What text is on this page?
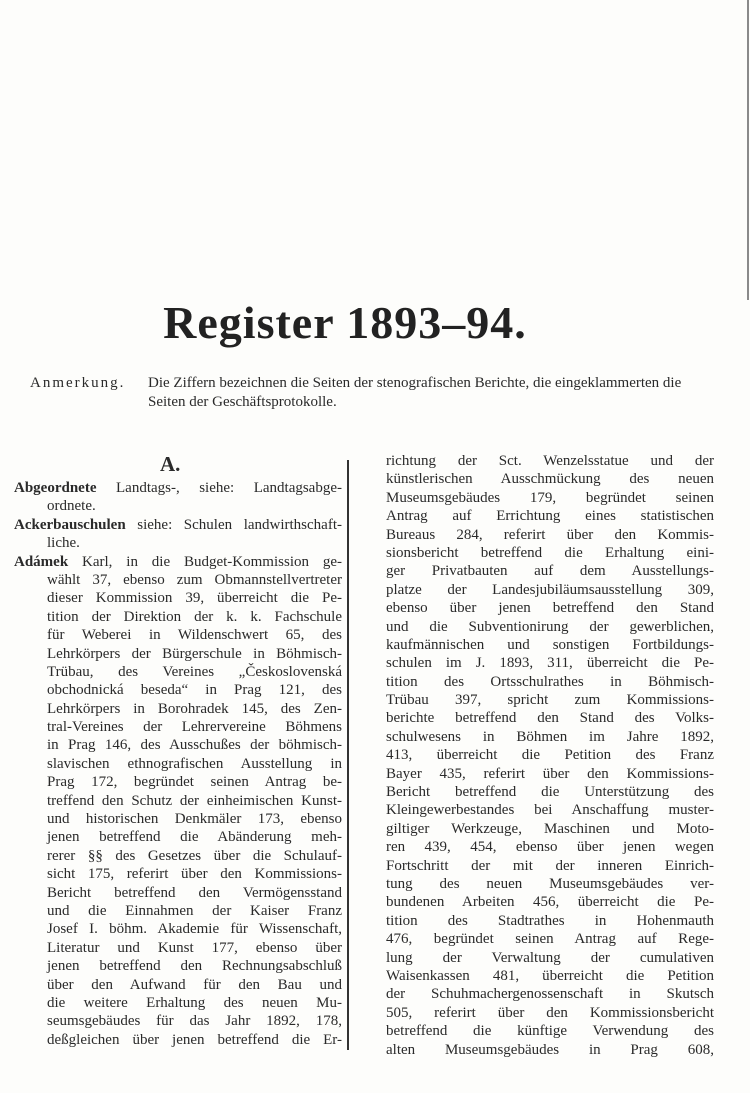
Register 1893–94.
Anmerkung. Die Ziffern bezeichnen die Seiten der stenografischen Berichte, die eingeklammerten die Seiten der Geschäftsprotokolle.
A.
Abgeordnete Landtags-, siehe: Landtagsabge-
ordnete.
Ackerbauschulen siehe: Schulen landwirthschaft-
liche.
Adámek Karl, in die Budget-Kommission ge-
wählt 37, ebenso zum Obmannstellvertreter
dieser Kommission 39, überreicht die Pe-
tition der Direktion der k. k. Fachschule
für Weberei in Wildenschwert 65, des
Lehrkörpers der Bürgerschule in Böhmisch-
Trübau, des Vereines „Československá
obchodnická beseda“ in Prag 121, des
Lehrkörpers in Borohradek 145, des Zen-
tral-Vereines der Lehrervereine Böhmens
in Prag 146, des Ausschußes der böhmisch-
slavischen ethnografischen Ausstellung in
Prag 172, begründet seinen Antrag be-
treffend den Schutz der einheimischen Kunst-
und historischen Denkmäler 173, ebenso
jenen betreffend die Abänderung meh-
rerer §§ des Gesetzes über die Schulauf-
sicht 175, referirt über den Kommissions-
Bericht betreffend den Vermögensstand
und die Einnahmen der Kaiser Franz
Josef I. böhm. Akademie für Wissenschaft,
Literatur und Kunst 177, ebenso über
jenen betreffend den Rechnungsabschluß
über den Aufwand für den Bau und
die weitere Erhaltung des neuen Mu-
seumsgebäudes für das Jahr 1892, 178,
deßgleichen über jenen betreffend die Er-
richtung der Sct. Wenzelsstatue und der
künstlerischen Ausschmückung des neuen
Museumsgebäudes 179, begründet seinen
Antrag auf Errichtung eines statistischen
Bureaus 284, referirt über den Kommis-
sionsbericht betreffend die Erhaltung eini-
ger Privatbauten auf dem Ausstellungs-
platze der Landesjubiläumsausstellung 309,
ebenso über jenen betreffend den Stand
und die Subventionirung der gewerblichen,
kaufmännischen und sonstigen Fortbildungs-
schulen im J. 1893, 311, überreicht die Pe-
tition des Ortsschulrathes in Böhmisch-
Trübau 397, spricht zum Kommissions-
berichte betreffend den Stand des Volks-
schulwesens in Böhmen im Jahre 1892,
413, überreicht die Petition des Franz
Bayer 435, referirt über den Kommissions-
Bericht betreffend die Unterstützung des
Kleingewerbestandes bei Anschaffung muster-
giltiger Werkzeuge, Maschinen und Moto-
ren 439, 454, ebenso über jenen wegen
Fortschritt der mit der inneren Einrich-
tung des neuen Museumsgebäudes ver-
bundenen Arbeiten 456, überreicht die Pe-
tition des Stadtrathes in Hohenmauth
476, begründet seinen Antrag auf Rege-
lung der Verwaltung der cumulativen
Waisenkassen 481, überreicht die Petition
der Schuhmachergenossenschaft in Skutsch
505, referirt über den Kommissionsbericht
betreffend die künftige Verwendung des
alten Museumsgebäudes in Prag 608,
